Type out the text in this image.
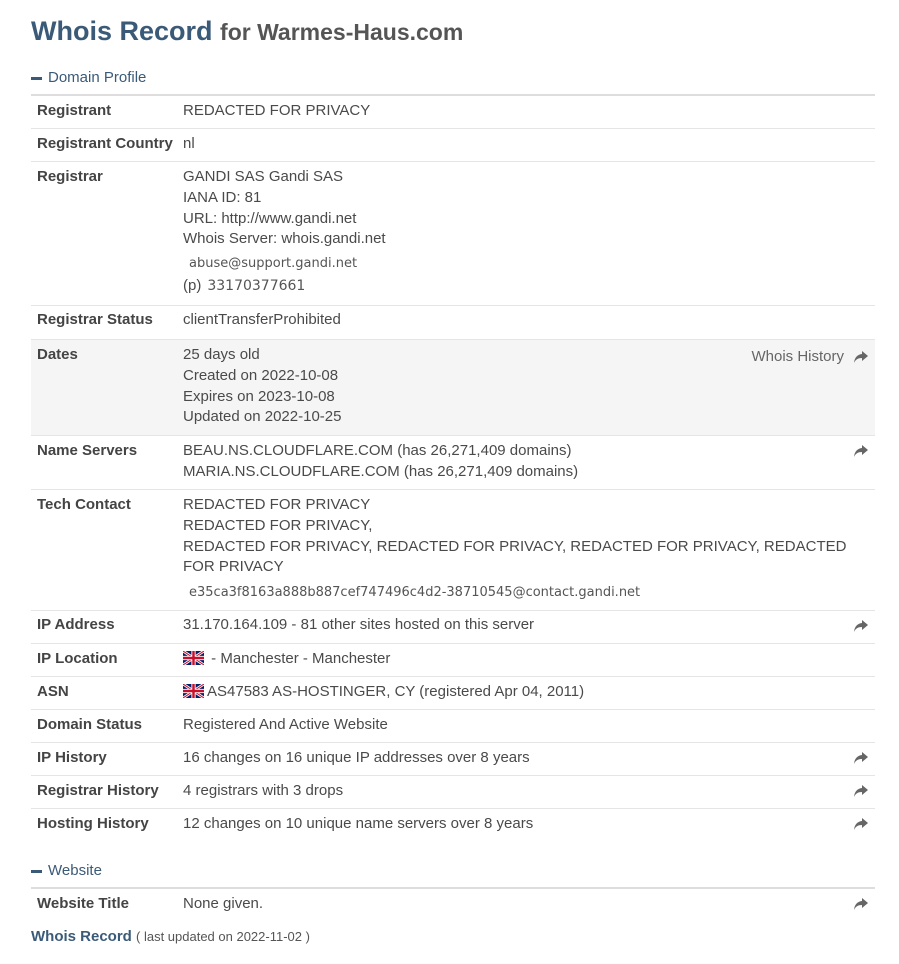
Whois Record for Warmes-Haus.com
Domain Profile
Registrant	REDACTED FOR PRIVACY
Registrant Country nl
Registrar	GANDI SAS Gandi SAS
IANA ID: 81
URL: http://www.gandi.net
Whois Server: whois.gandi.net
abuse@support.gandi.net
(p) 33170377661
Registrar Status	clientTransferProhibited
Dates	25 days old
Created on 2022-10-08
Expires on 2023-10-08
Updated on 2022-10-25
Whois History
Name Servers	BEAU.NS.CLOUDFLARE.COM (has 26,271,409 domains)
MARIA.NS.CLOUDFLARE.COM (has 26,271,409 domains)
Tech Contact	REDACTED FOR PRIVACY
REDACTED FOR PRIVACY,
REDACTED FOR PRIVACY, REDACTED FOR PRIVACY, REDACTED FOR PRIVACY, REDACTED FOR PRIVACY
e35ca3f8163a888b887cef747496c4d2-38710545@contact.gandi.net
IP Address	31.170.164.109 - 81 other sites hosted on this server
IP Location	- Manchester - Manchester
ASN	AS47583 AS-HOSTINGER, CY (registered Apr 04, 2011)
Domain Status	Registered And Active Website
IP History	16 changes on 16 unique IP addresses over 8 years
Registrar History	4 registrars with 3 drops
Hosting History	12 changes on 10 unique name servers over 8 years
Website
Website Title	None given.
Whois Record ( last updated on 2022-11-02 )
